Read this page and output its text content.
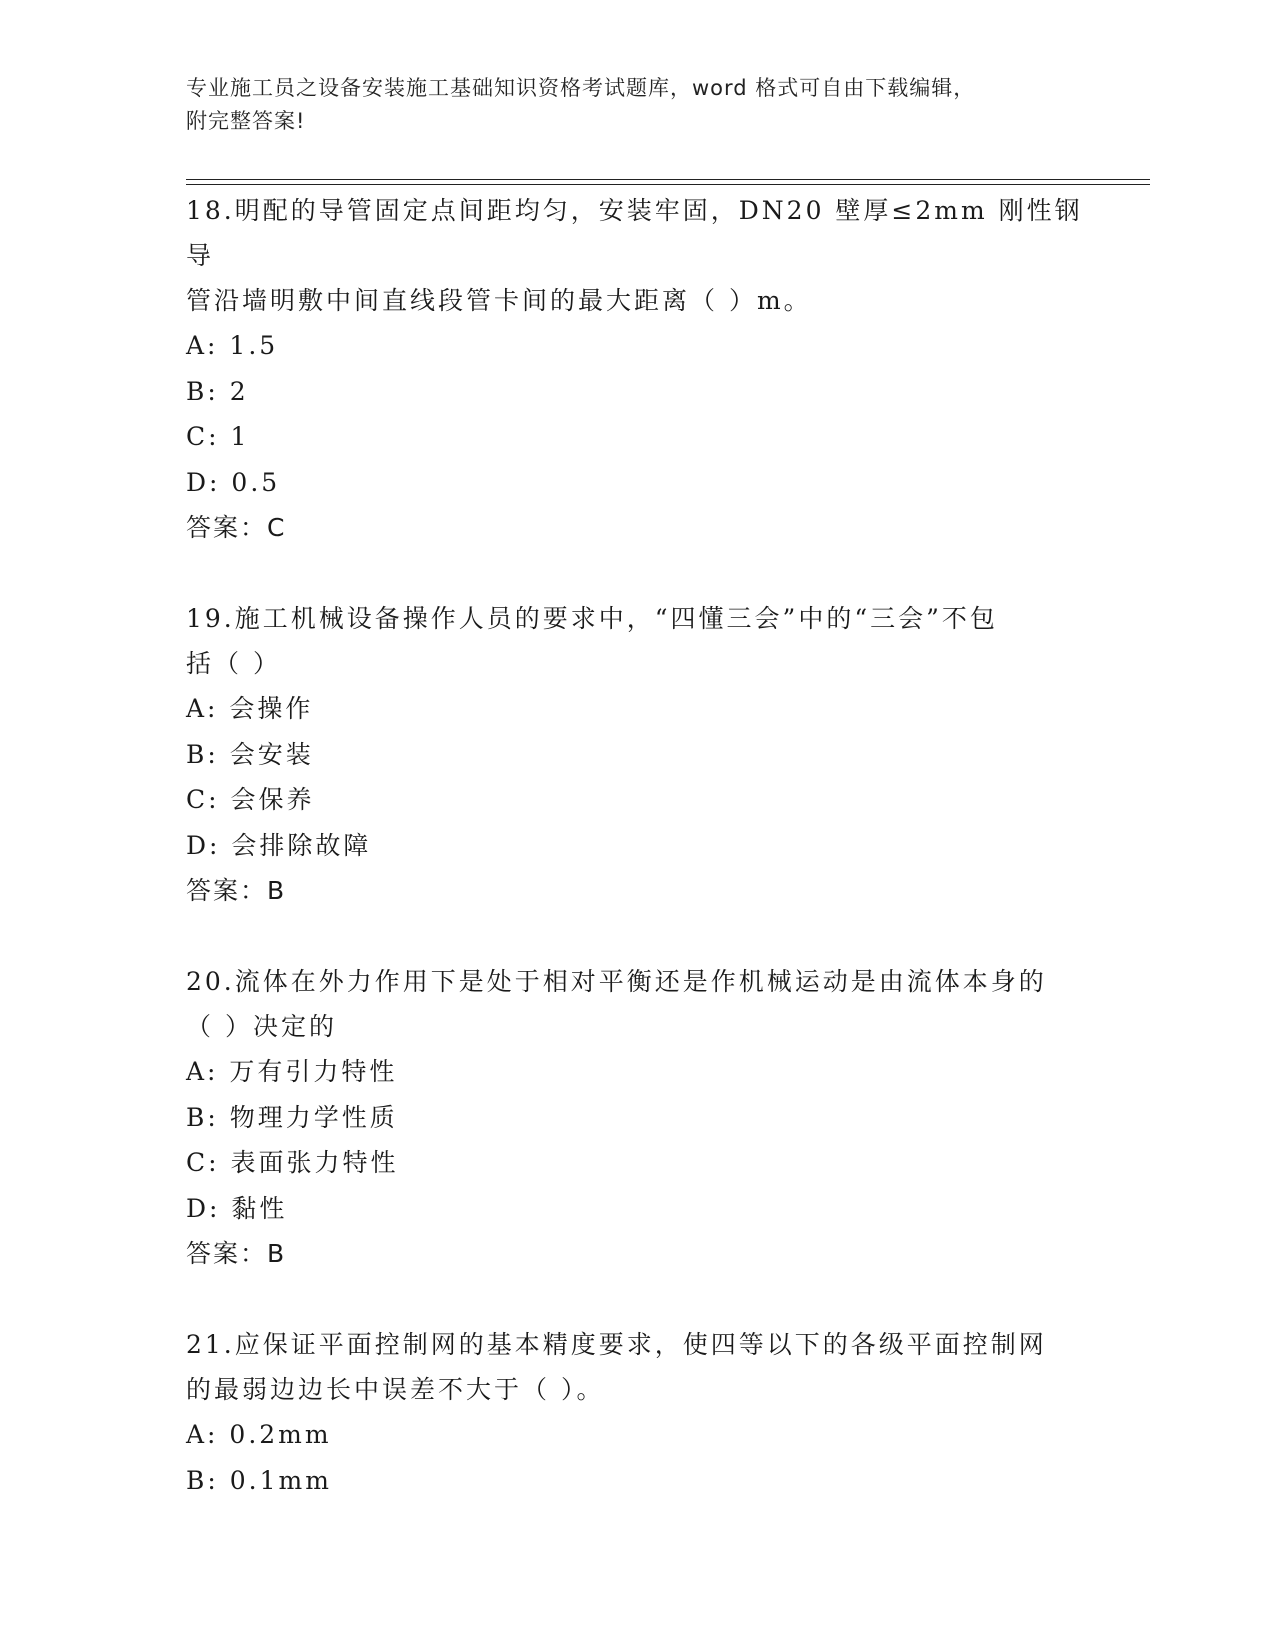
专业施工员之设备安装施工基础知识资格考试题库，word 格式可自由下载编辑，
附完整答案!

18.明配的导管固定点间距均匀，安装牢固，DN20 壁厚≤2mm 刚性钢导

管沿墙明敷中间直线段管卡间的最大距离（ ）m。

A: 1.5

B: 2

C: 1

D: 0.5

答案：C

19.施工机械设备操作人员的要求中，“四懂三会”中的“三会”不包

括（ ）

A: 会操作

B: 会安装

C: 会保养

D: 会排除故障

答案：B

20.流体在外力作用下是处于相对平衡还是作机械运动是由流体本身的

（ ）决定的

A: 万有引力特性

B: 物理力学性质

C: 表面张力特性

D: 黏性

答案：B

21.应保证平面控制网的基本精度要求，使四等以下的各级平面控制网

的最弱边边长中误差不大于（ ）。

A: 0.2mm

B: 0.1mm
